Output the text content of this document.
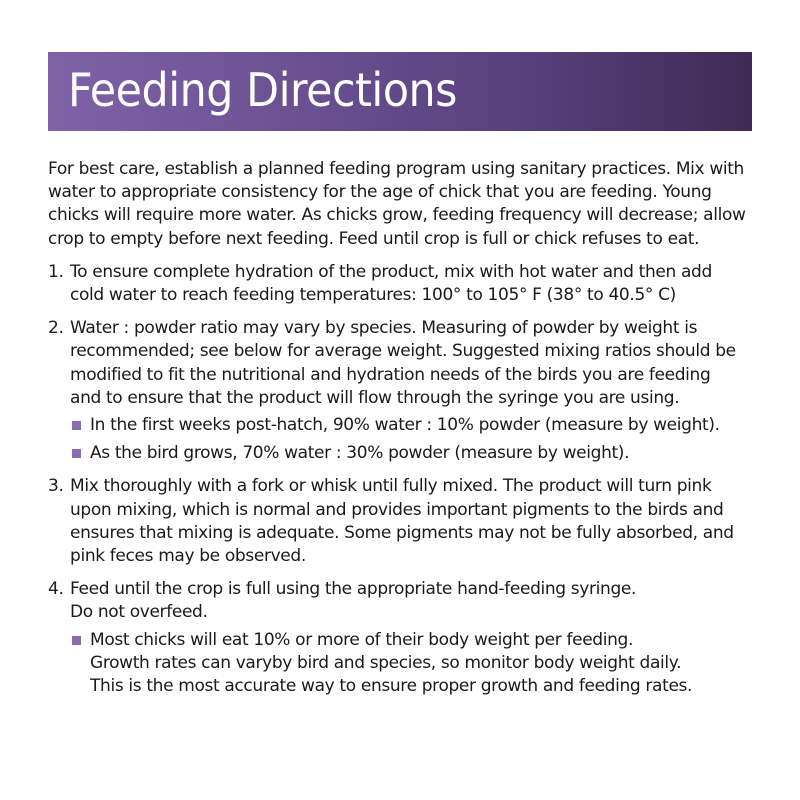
Feeding Directions

For best care, establish a planned feeding program using sanitary practices. Mix with
water to appropriate consistency for the age of chick that you are feeding. Young
chicks will require more water. As chicks grow, feeding frequency will decrease; allow
crop to empty before next feeding. Feed until crop is full or chick refuses to eat.

1. To ensure complete hydration of the product, mix with hot water and then add
cold water to reach feeding temperatures: 100° to 105° F (38° to 40.5° C)
2. Water : powder ratio may vary by species. Measuring of powder by weight is
recommended; see below for average weight. Suggested mixing ratios should be
modified to fit the nutritional and hydration needs of the birds you are feeding
and to ensure that the product will flow through the syringe you are using.
In the first weeks post-hatch, 90% water : 10% powder (measure by weight).
As the bird grows, 70% water : 30% powder (measure by weight).
3. Mix thoroughly with a fork or whisk until fully mixed. The product will turn pink
upon mixing, which is normal and provides important pigments to the birds and
ensures that mixing is adequate. Some pigments may not be fully absorbed, and
pink feces may be observed.
4. Feed until the crop is full using the appropriate hand-feeding syringe.
Do not overfeed.
Most chicks will eat 10% or more of their body weight per feeding.
Growth rates can varyby bird and species, so monitor body weight daily.
This is the most accurate way to ensure proper growth and feeding rates.
